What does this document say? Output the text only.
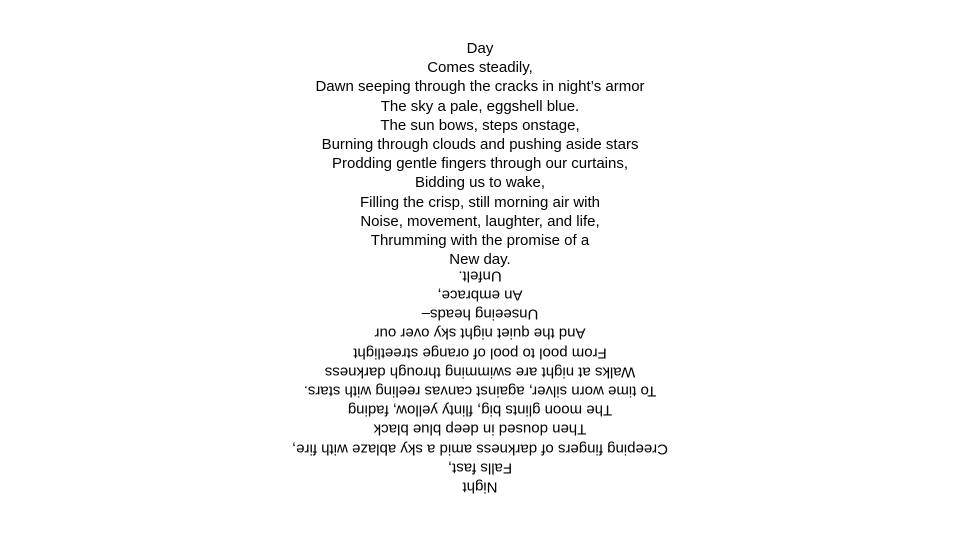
Day
Comes steadily,
Dawn seeping through the cracks in night’s armor
The sky a pale, eggshell blue.
The sun bows, steps onstage,
Burning through clouds and pushing aside stars
Prodding gentle fingers through our curtains,
Bidding us to wake,
Filling the crisp, still morning air with
Noise, movement, laughter, and life,
Thrumming with the promise of a
New day.
Night
Falls fast,
Creeping fingers of darkness amid a sky ablaze with fire,
Then doused in deep blue black
The moon glints big, flinty yellow, fading
To time worn silver, against canvas reeling with stars.
Walks at night are swimming through darkness
From pool to pool of orange streetlight
And the quiet night sky over our
Unseeing heads–
An embrace,
Unfelt.
